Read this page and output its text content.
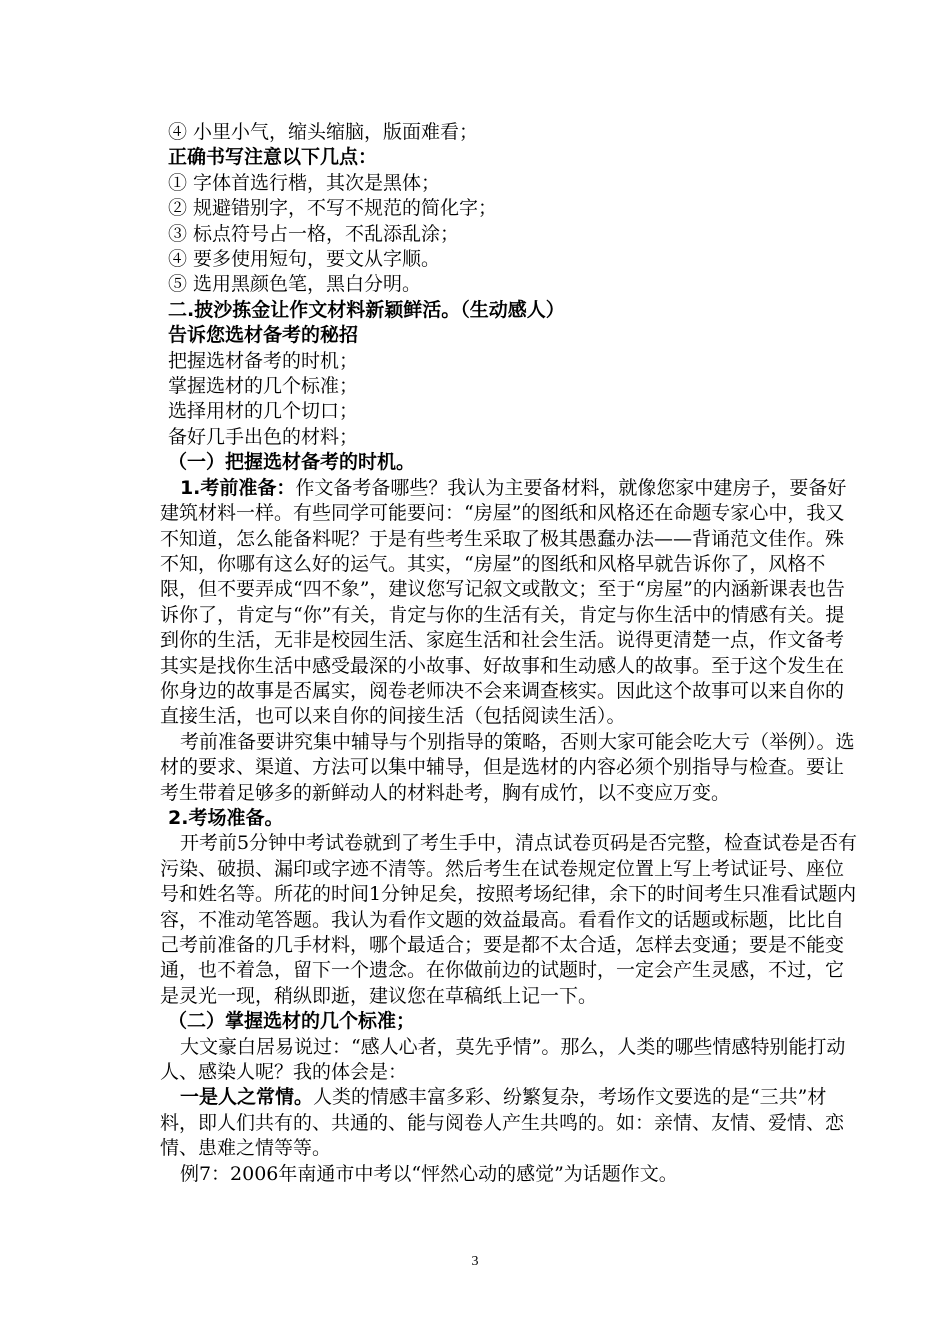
④ 小里小气，缩头缩脑，版面难看；

正确书写注意以下几点：

① 字体首选行楷，其次是黑体；

② 规避错别字，不写不规范的简化字；

③ 标点符号占一格，不乱添乱涂；

④ 要多使用短句，要文从字顺。

⑤ 选用黑颜色笔，黑白分明。

二.披沙拣金让作文材料新颖鲜活。（生动感人）

告诉您选材备考的秘招

把握选材备考的时机；

掌握选材的几个标准；

选择用材的几个切口；

备好几手出色的材料；

（一）把握选材备考的时机。

1.考前准备：作文备考备哪些？我认为主要备材料，就像您家中建房子，要备好建筑材料一样。有些同学可能要问：“房屋”的图纸和风格还在命题专家心中，我又不知道，怎么能备料呢？于是有些考生采取了极其愚蠢办法——背诵范文佳作。殊不知，你哪有这么好的运气。其实，“房屋”的图纸和风格早就告诉你了，风格不限，但不要弄成“四不象”，建议您写记叙文或散文；至于“房屋”的内涵新课表也告诉你了，肯定与“你”有关，肯定与你的生活有关，肯定与你生活中的情感有关。提到你的生活，无非是校园生活、家庭生活和社会生活。说得更清楚一点，作文备考其实是找你生活中感受最深的小故事、好故事和生动感人的故事。至于这个发生在你身边的故事是否属实，阅卷老师决不会来调查核实。因此这个故事可以来自你的直接生活，也可以来自你的间接生活（包括阅读生活）。

考前准备要讲究集中辅导与个别指导的策略，否则大家可能会吃大亏（举例）。选材的要求、渠道、方法可以集中辅导，但是选材的内容必须个别指导与检查。要让考生带着足够多的新鲜动人的材料赴考，胸有成竹，以不变应万变。

2.考场准备。

开考前5分钟中考试卷就到了考生手中，清点试卷页码是否完整，检查试卷是否有污染、破损、漏印或字迹不清等。然后考生在试卷规定位置上写上考试证号、座位号和姓名等。所花的时间1分钟足矣，按照考场纪律，余下的时间考生只准看试题内容，不准动笔答题。我认为看作文题的效益最高。看看作文的话题或标题，比比自己考前准备的几手材料，哪个最适合；要是都不太合适，怎样去变通；要是不能变通，也不着急，留下一个遗念。在你做前边的试题时，一定会产生灵感，不过，它是灵光一现，稍纵即逝，建议您在草稿纸上记一下。

（二）掌握选材的几个标准；

大文豪白居易说过：“感人心者，莫先乎情”。那么，人类的哪些情感特别能打动人、感染人呢？我的体会是：

一是人之常情。人类的情感丰富多彩、纷繁复杂，考场作文要选的是“三共”材料，即人们共有的、共通的、能与阅卷人产生共鸣的。如：亲情、友情、爱情、恋情、患难之情等等。

例7：2006年南通市中考以“怦然心动的感觉”为话题作文。

3
